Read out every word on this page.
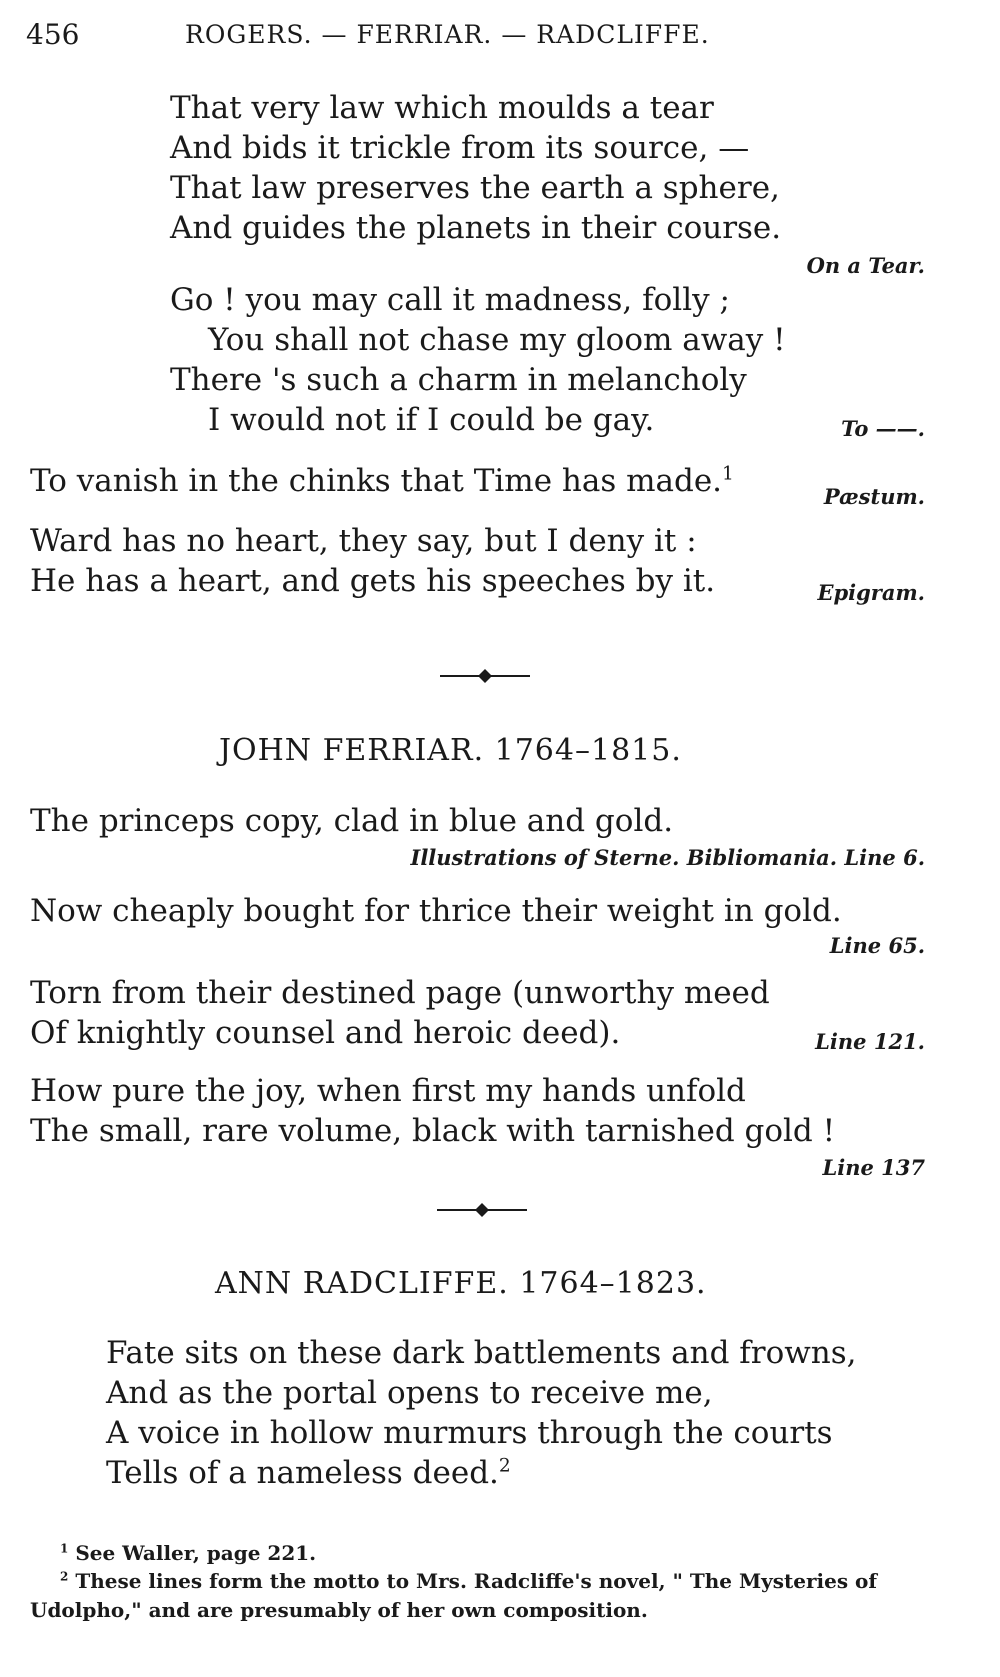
456	ROGERS. — FERRIAR. — RADCLIFFE.
That very law which moulds a tear
And bids it trickle from its source, —
That law preserves the earth a sphere,
And guides the planets in their course.
On a Tear.
Go ! you may call it madness, folly ;
You shall not chase my gloom away !
There 's such a charm in melancholy
I would not if I could be gay.	To ——.
To vanish in the chinks that Time has made.$^1$
Pæstum.
Ward has no heart, they say, but I deny it :
He has a heart, and gets his speeches by it.	Epigram.
JOHN FERRIAR. 1764–1815.
The princeps copy, clad in blue and gold.
Illustrations of Sterne. Bibliomania. Line 6.
Now cheaply bought for thrice their weight in gold.
Line 65.
Torn from their destined page (unworthy meed
Of knightly counsel and heroic deed).	Line 121.
How pure the joy, when first my hands unfold
The small, rare volume, black with tarnished gold !
Line 137
ANN RADCLIFFE. 1764–1823.
Fate sits on these dark battlements and frowns,
And as the portal opens to receive me,
A voice in hollow murmurs through the courts
Tells of a nameless deed.$^2$
$^1$ See Waller, page 221.
$^2$ These lines form the motto to Mrs. Radcliffe's novel, " The Mysteries of
Udolpho," and are presumably of her own composition.
